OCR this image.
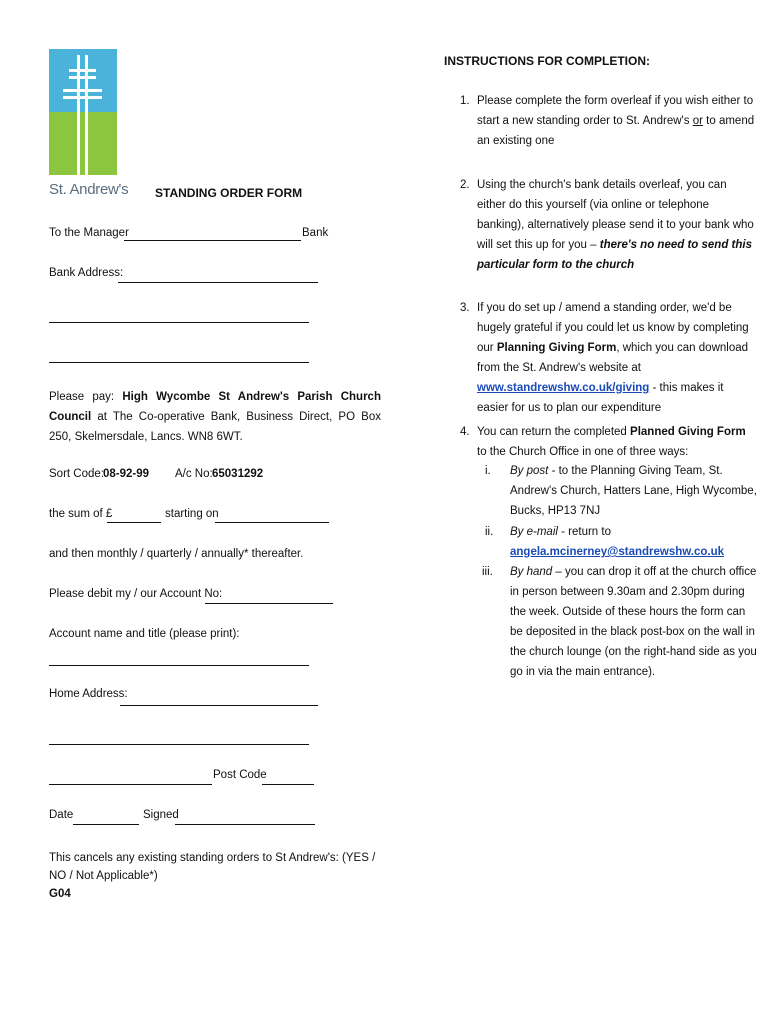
St. Andrew's STANDING ORDER FORM
To the Manager	Bank
Bank Address:
Please pay: High Wycombe St Andrew's Parish Church Council at The Co-operative Bank, Business Direct, PO Box 250, Skelmersdale, Lancs. WN8 6WT.
Sort Code: 08-92-99 A/c No: 65031292
the sum of £	starting on
and then monthly / quarterly / annually* thereafter.
Please debit my / our Account No:
Account name and title (please print):
Home Address:
Post Code
Date	Signed
This cancels any existing standing orders to St Andrew's: (YES / NO / Not Applicable*)
G04
INSTRUCTIONS FOR COMPLETION:
1. Please complete the form overleaf if you wish either to start a new standing order to St. Andrew's or to amend an existing one
2. Using the church's bank details overleaf, you can either do this yourself (via online or telephone banking), alternatively please send it to your bank who will set this up for you – there's no need to send this particular form to the church
3. If you do set up / amend a standing order, we'd be hugely grateful if you could let us know by completing our Planning Giving Form, which you can download from the St. Andrew's website at www.standrewshw.co.uk/giving - this makes it easier for us to plan our expenditure
4. You can return the completed Planned Giving Form to the Church Office in one of three ways:
i. By post - to the Planning Giving Team, St. Andrew's Church, Hatters Lane, High Wycombe, Bucks, HP13 7NJ
ii. By e-mail - return to
angela.mcinerney@standrewshw.co.uk
iii. By hand – you can drop it off at the church office in person between 9.30am and 2.30pm during the week. Outside of these hours the form can be deposited in the black post-box on the wall in the church lounge (on the right-hand side as you go in via the main entrance).
